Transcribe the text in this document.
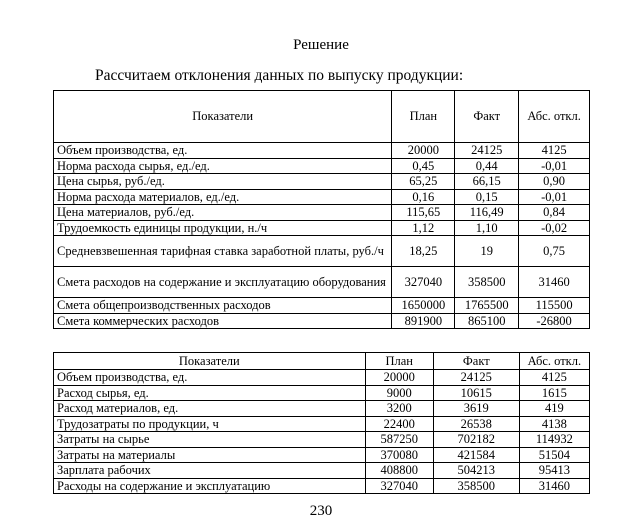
Решение
Рассчитаем отклонения данных по выпуску продукции:
Показатели	План	Факт	Абс. откл.
Объем производства, ед.	20000	24125	4125
Норма расхода сырья, ед./ед.	0,45	0,44	-0,01
Цена сырья, руб./ед.	65,25	66,15	0,90
Норма расхода материалов, ед./ед.	0,16	0,15	-0,01
Цена материалов, руб./ед.	115,65	116,49	0,84
Трудоемкость единицы продукции, н./ч	1,12	1,10	-0,02
Средневзвешенная тарифная ставка заработной платы, руб./ч	18,25	19	0,75
Смета расходов на содержание и эксплуатацию оборудования	327040	358500	31460
Смета общепроизводственных расходов	1650000	1765500	115500
Смета коммерческих расходов	891900	865100	-26800
Показатели	План	Факт	Абс. откл.
Объем производства, ед.	20000	24125	4125
Расход сырья, ед.	9000	10615	1615
Расход материалов, ед.	3200	3619	419
Трудозатраты по продукции, ч	22400	26538	4138
Затраты на сырье	587250	702182	114932
Затраты на материалы	370080	421584	51504
Зарплата рабочих	408800	504213	95413
Расходы на содержание и эксплуатацию	327040	358500	31460
230
